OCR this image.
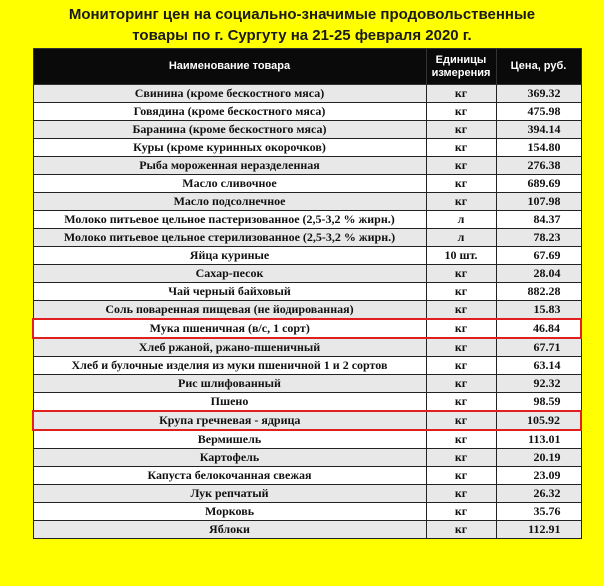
Мониторинг цен на социально-значимые продовольственные
товары по г. Сургуту на 21-25 февраля 2020 г.
Наименование товара	Единицы измерения	Цена, руб.
Свинина (кроме бескостного мяса)	кг	369.32
Говядина (кроме бескостного мяса)	кг	475.98
Баранина (кроме бескостного мяса)	кг	394.14
Куры (кроме куринных окорочков)	кг	154.80
Рыба мороженная неразделенная	кг	276.38
Масло сливочное	кг	689.69
Масло подсолнечное	кг	107.98
Молоко питьевое цельное пастеризованное (2,5-3,2 % жирн.)	л	84.37
Молоко питьевое цельное стерилизованное (2,5-3,2 % жирн.)	л	78.23
Яйца куриные	10 шт.	67.69
Сахар-песок	кг	28.04
Чай черный байховый	кг	882.28
Соль поваренная пищевая (не йодированная)	кг	15.83
Мука пшеничная (в/с, 1 сорт)	кг	46.84
Хлеб ржаной, ржано-пшеничный	кг	67.71
Хлеб и булочные изделия из муки пшеничной 1 и 2 сортов	кг	63.14
Рис шлифованный	кг	92.32
Пшено	кг	98.59
Крупа гречневая - ядрица	кг	105.92
Вермишель	кг	113.01
Картофель	кг	20.19
Капуста белокочанная свежая	кг	23.09
Лук репчатый	кг	26.32
Морковь	кг	35.76
Яблоки	кг	112.91
